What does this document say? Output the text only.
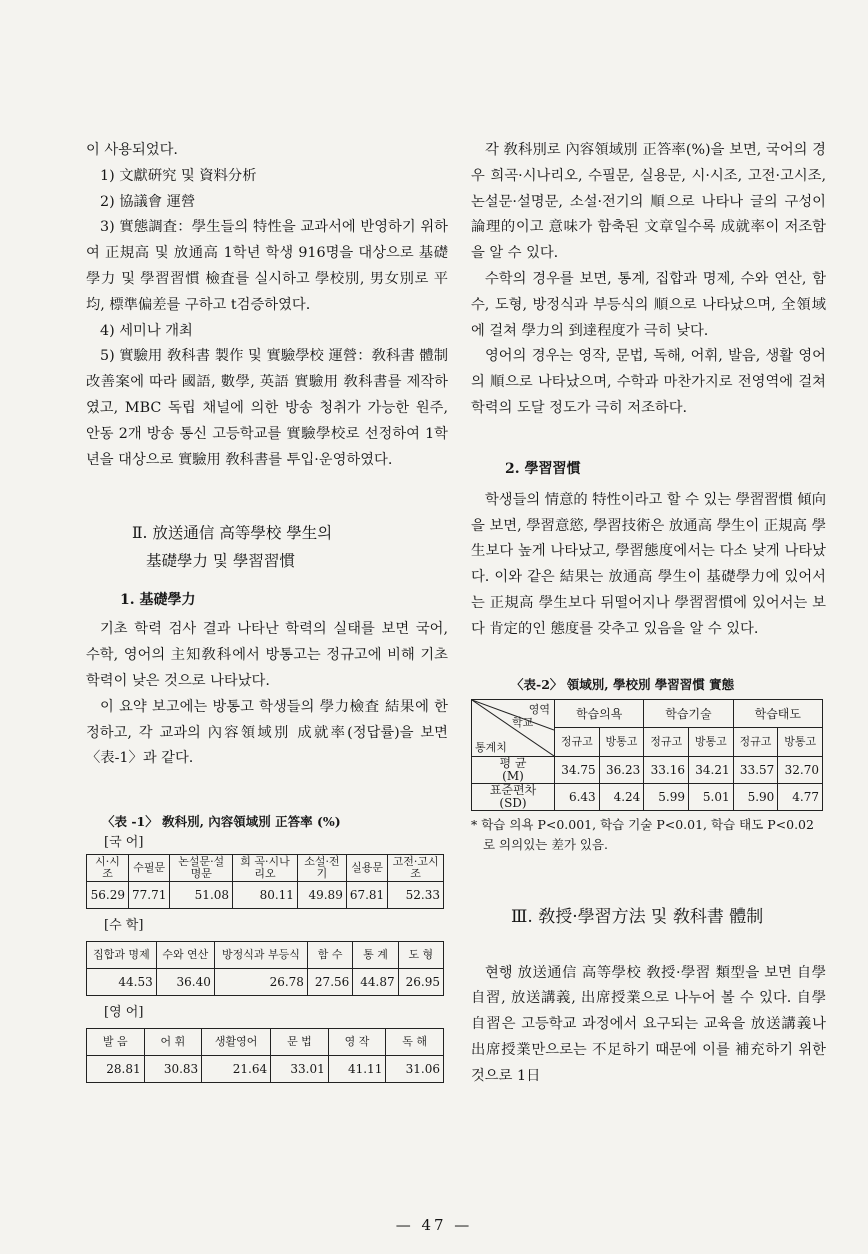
이 사용되었다.

1) 文獻硏究 및 資料分析

2) 協議會 運營

3) 實態調査：學生들의 特性을 교과서에 반영하기 위하여 正規高 및 放通高 1학년 학생 916명을 대상으로 基礎學力 및 學習習慣 檢査를 실시하고 學校別, 男女別로 平均, 標準偏差를 구하고 t검증하였다.

4) 세미나 개최

5) 實驗用 敎科書 製作 및 實驗學校 運營：敎科書 體制改善案에 따라 國語, 數學, 英語 實驗用 敎科書를 제작하였고, MBC 독립 채널에 의한 방송 청취가 가능한 원주, 안동 2개 방송 통신 고등학교를 實驗學校로 선정하여 1학년을 대상으로 實驗用 敎科書를 투입·운영하였다.

Ⅱ. 放送通信 高等學校 學生의

基礎學力 및 學習習慣

1. 基礎學力

기초 학력 검사 결과 나타난 학력의 실태를 보면 국어, 수학, 영어의 主知敎科에서 방통고는 정규고에 비해 기초 학력이 낮은 것으로 나타났다.

이 요약 보고에는 방통고 학생들의 學力檢査 結果에 한정하고, 각 교과의 內容領域別 成就率(정답률)을 보면 〈表-1〉과 같다.

〈表 -1〉 敎科別, 內容領域別 正答率 (%)

[국 어]

시·시조	수필문	논설문·설명문	희 곡·시나리오	소설·전기	실용문	고전·고시조
56.29	77.71	51.08	80.11	49.89	67.81	52.33

[수 학]

집합과 명제	수와 연산	방정식과 부등식	함 수	통 계	도 형
44.53	36.40	26.78	27.56	44.87	26.95

[영 어]

발 음	어 휘	생활영어	문 법	영 작	독 해
28.81	30.83	21.64	33.01	41.11	31.06

각 敎科別로 內容領域別 正答率(%)을 보면, 국어의 경우 희곡·시나리오, 수필문, 실용문, 시·시조, 고전·고시조, 논설문·설명문, 소설·전기의 順으로 나타나 글의 구성이 論理的이고 意味가 함축된 文章일수록 成就率이 저조함을 알 수 있다.

수학의 경우를 보면, 통계, 집합과 명제, 수와 연산, 함수, 도형, 방정식과 부등식의 順으로 나타났으며, 全領域에 걸쳐 學力의 到達程度가 극히 낮다.

영어의 경우는 영작, 문법, 독해, 어휘, 발음, 생활 영어의 順으로 나타났으며, 수학과 마찬가지로 전영역에 걸쳐 학력의 도달 정도가 극히 저조하다.

2. 學習習慣

학생들의 情意的 特性이라고 할 수 있는 學習習慣 傾向을 보면, 學習意慾, 學習技術은 放通高 學生이 正規高 學生보다 높게 나타났고, 學習態度에서는 다소 낮게 나타났다. 이와 같은 結果는 放通高 學生이 基礎學力에 있어서는 正規高 學生보다 뒤떨어지나 學習習慣에 있어서는 보다 肯定的인 態度를 갖추고 있음을 알 수 있다.

〈表-2〉 領域別, 學校別 學習習慣 實態

영역
학교
통계치	학습의욕		학습기술		학습태도	
	정규고	방통고	정규고	방통고	정규고	방통고
평 균
(M)	34.75	36.23	33.16	34.21	33.57	32.70
표준편차
(SD)	6.43	4.24	5.99	5.01	5.90	4.77

* 학습 의욕 P<0.001, 학습 기술 P<0.01, 학습 태도 P<0.02로 의의있는 差가 있음.

Ⅲ. 敎授·學習方法 및 敎科書 體制

현행 放送通信 高等學校 敎授·學習 類型을 보면 自學自習, 放送講義, 出席授業으로 나누어 볼 수 있다. 自學自習은 고등학교 과정에서 요구되는 교육을 放送講義나 出席授業만으로는 不足하기 때문에 이를 補充하기 위한 것으로 1日

— 47 —
